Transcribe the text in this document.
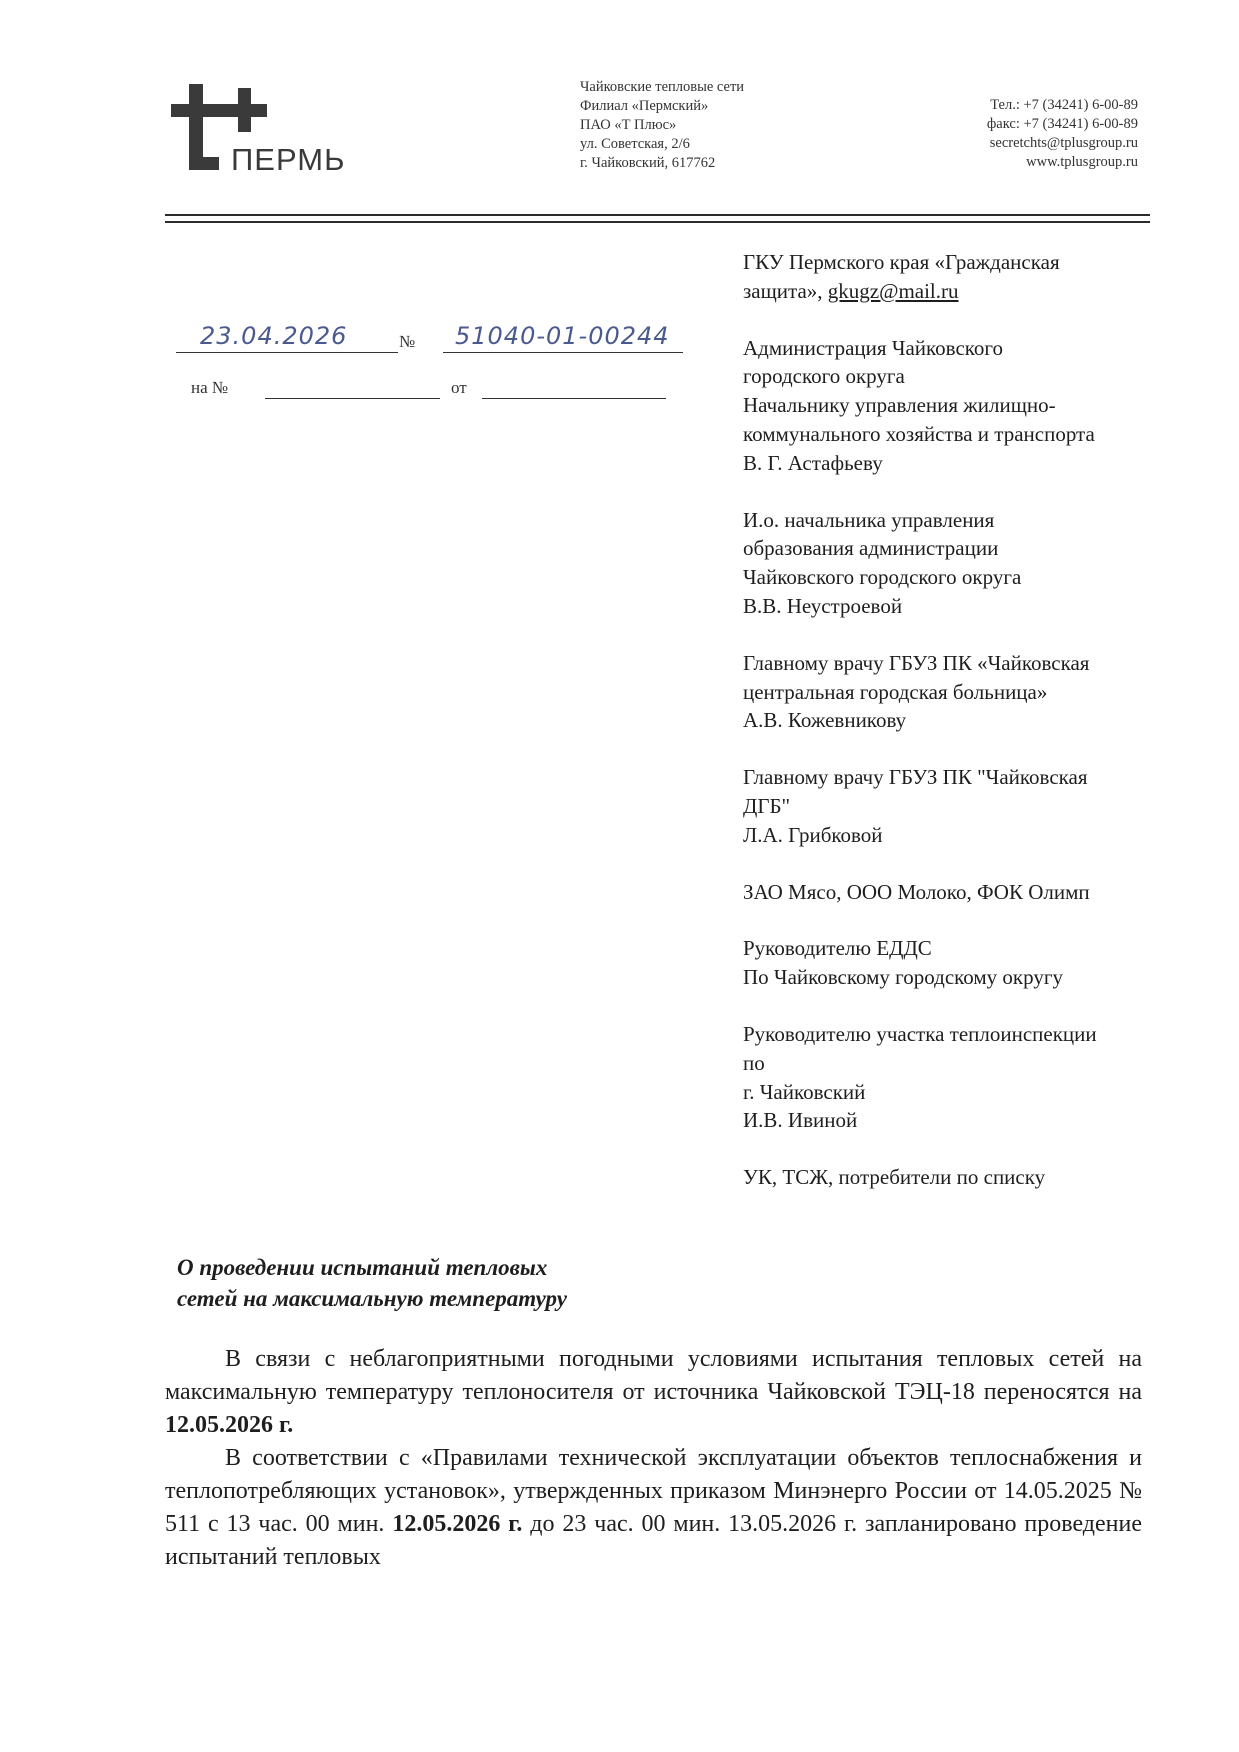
ПЕРМЬ
Чайковские тепловые сети
Филиал «Пермский»
ПАО «Т Плюс»
ул. Советская, 2/6
г. Чайковский, 617762
Тел.: +7 (34241) 6-00-89
факс: +7 (34241) 6-00-89
secretchts@tplusgroup.ru
www.tplusgroup.ru
23.04.2026	№ 51040-01-00244
на №	от
ГКУ Пермского края «Гражданская
защита», gkugz@mail.ru
Администрация Чайковского
городского округа
Начальнику управления жилищно-
коммунального хозяйства и транспорта
В. Г. Астафьеву
И.о. начальника управления
образования администрации
Чайковского городского округа
В.В. Неустроевой
Главному врачу ГБУЗ ПК «Чайковская
центральная городская больница»
А.В. Кожевникову
Главному врачу ГБУЗ ПК "Чайковская
ДГБ"
Л.А. Грибковой
ЗАО Мясо, ООО Молоко, ФОК Олимп
Руководителю ЕДДС
По Чайковскому городскому округу
Руководителю участка теплоинспекции
по
г. Чайковский
И.В. Ивиной
УК, ТСЖ, потребители по списку
О проведении испытаний тепловых
сетей на максимальную температуру

В связи с неблагоприятными погодными условиями испытания тепловых сетей на максимальную температуру теплоносителя от источника Чайковской ТЭЦ-18 переносятся на 12.05.2026 г.

В соответствии с «Правилами технической эксплуатации объектов теплоснабжения и теплопотребляющих установок», утвержденных приказом Минэнерго России от 14.05.2025 № 511 с 13 час. 00 мин. 12.05.2026 г. до 23 час. 00 мин. 13.05.2026 г. запланировано проведение испытаний тепловых
